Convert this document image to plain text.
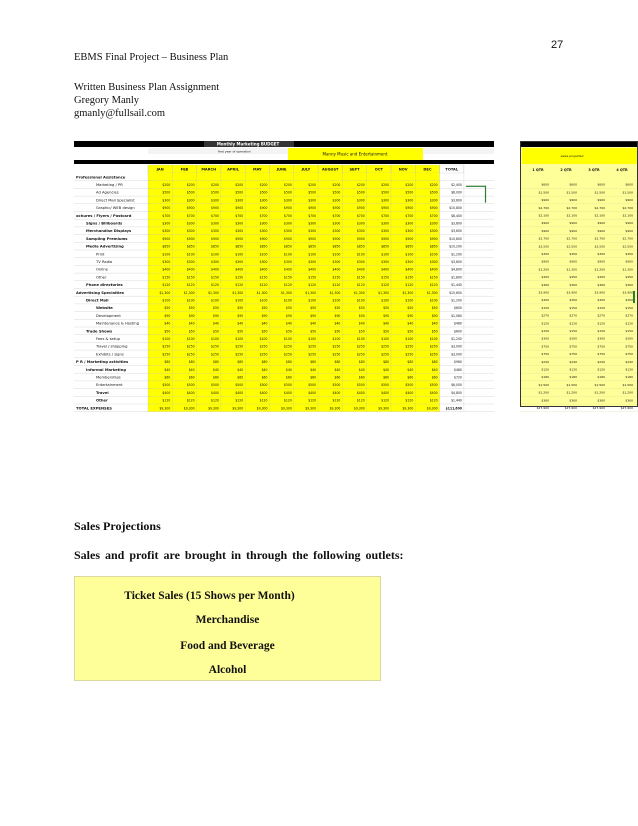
27
EBMS Final Project – Business Plan
Written Business Plan Assignment
Gregory Manly
gmanly@fullsail.com
Monthly Marketing BUDGET
first year of operation	Manny Music and Entertainment
JAN	FEB	MARCH	APRIL	MAY	JUNE	JULY	AUGUST	SEPT	OCT	NOV	DEC	TOTAL
Professional Assistance
Marketing / PR	$200	$200	$200	$200	$200	$200	$200	$200	$200	$200	$200	$200	$2,400
Ad Agencies	$500	$500	$500	$500	$500	$500	$500	$500	$500	$500	$500	$500	$6,000
Direct Mail Specialist	$300	$300	$300	$300	$300	$300	$300	$300	$300	$300	$300	$300	$3,600
Graphic/ WEB design	$900	$900	$900	$900	$900	$900	$900	$900	$900	$900	$900	$900	$10,800
ochures / Flyers / Postcard	$700	$700	$700	$700	$700	$700	$700	$700	$700	$700	$700	$700	$8,400
Signs / Billboards	$300	$300	$300	$300	$300	$300	$300	$300	$300	$300	$300	$300	$3,600
Merchandise Displays	$300	$300	$300	$300	$300	$300	$300	$300	$300	$300	$300	$300	$3,600
Sampling Premiums	$900	$900	$900	$900	$900	$900	$900	$900	$900	$900	$900	$900	$10,800
Media Advertising	$850	$850	$850	$850	$850	$850	$850	$850	$850	$850	$850	$850	$10,200
Print	$100	$100	$100	$100	$100	$100	$100	$100	$100	$100	$100	$100	$1,200
TV Radio	$300	$300	$300	$300	$300	$300	$300	$300	$300	$300	$300	$300	$3,600
Online	$400	$400	$400	$400	$400	$400	$400	$400	$400	$400	$400	$400	$4,800
Other	$150	$150	$150	$150	$150	$150	$150	$150	$150	$150	$150	$150	$1,800
Phone directories	$120	$120	$120	$120	$120	$120	$120	$120	$120	$120	$120	$120	$1,440
Advertising Specialties	$1,300	$1,300	$1,300	$1,300	$1,300	$1,300	$1,300	$1,300	$1,300	$1,300	$1,300	$1,300	$15,600
Direct Mail	$100	$100	$100	$100	$100	$100	$100	$100	$100	$100	$100	$100	$1,200
Website	$50	$50	$50	$50	$50	$50	$50	$50	$50	$50	$50	$50	$600
Development	$90	$90	$90	$90	$90	$90	$90	$90	$90	$90	$90	$90	$1,080
Maintenance & Hosting	$40	$40	$40	$40	$40	$40	$40	$40	$40	$40	$40	$40	$480
Trade Shows	$50	$50	$50	$50	$50	$50	$50	$50	$50	$50	$50	$50	$600
Fees & setup	$100	$100	$100	$100	$100	$100	$100	$100	$100	$100	$100	$100	$1,200
Travel / shopping	$250	$250	$250	$250	$250	$250	$250	$250	$250	$250	$250	$250	$3,000
Exhibits / signs	$250	$250	$250	$250	$250	$250	$250	$250	$250	$250	$250	$250	$3,000
P R / Marketing activities	$80	$80	$80	$80	$80	$80	$80	$80	$80	$80	$80	$80	$960
Informal Marketing	$40	$40	$40	$40	$40	$40	$40	$40	$40	$40	$40	$40	$480
Memberships	$60	$60	$60	$60	$60	$60	$60	$60	$60	$60	$60	$60	$720
Entertainment	$500	$500	$500	$500	$500	$500	$500	$500	$500	$500	$500	$500	$6,000
Travel	$400	$400	$400	$400	$400	$400	$400	$400	$400	$400	$400	$400	$4,800
Other	$120	$120	$120	$120	$120	$120	$120	$120	$120	$120	$120	$120	$1,440
TOTAL EXPENSES	$9,300	$9,300	$9,300	$9,300	$9,300	$9,300	$9,300	$9,300	$9,300	$9,300	$9,300	$9,300	$111,600
sales projected
1 QTR	2 QTR	3 QTR	4 QTR
$600	$600	$600	$600
$1,500	$1,500	$1,500	$1,500
$900	$900	$900	$900
$2,700	$2,700	$2,700	$2,700
$2,100	$2,100	$2,100	$2,100
$900	$900	$900	$900
$900	$900	$900	$900
$2,700	$2,700	$2,700	$2,700
$2,550	$2,550	$2,550	$2,550
$300	$300	$300	$300
$900	$900	$900	$900
$1,200	$1,200	$1,200	$1,200
$450	$450	$450	$450
$360	$360	$360	$360
$3,900	$3,900	$3,900	$3,900
$300	$300	$300	$300
$150	$150	$150	$150
$270	$270	$270	$270
$120	$120	$120	$120
$150	$150	$150	$150
$300	$300	$300	$300
$750	$750	$750	$750
$750	$750	$750	$750
$240	$240	$240	$240
$120	$120	$120	$120
$180	$180	$180	$180
$1,500	$1,500	$1,500	$1,500
$1,200	$1,200	$1,200	$1,200
$360	$360	$360	$360
$27,900	$27,900	$27,900	$27,900
Sales Projections
Sales and profit are brought in through the following outlets:
Ticket Sales (15 Shows per Month)
Merchandise
Food and Beverage
Alcohol
